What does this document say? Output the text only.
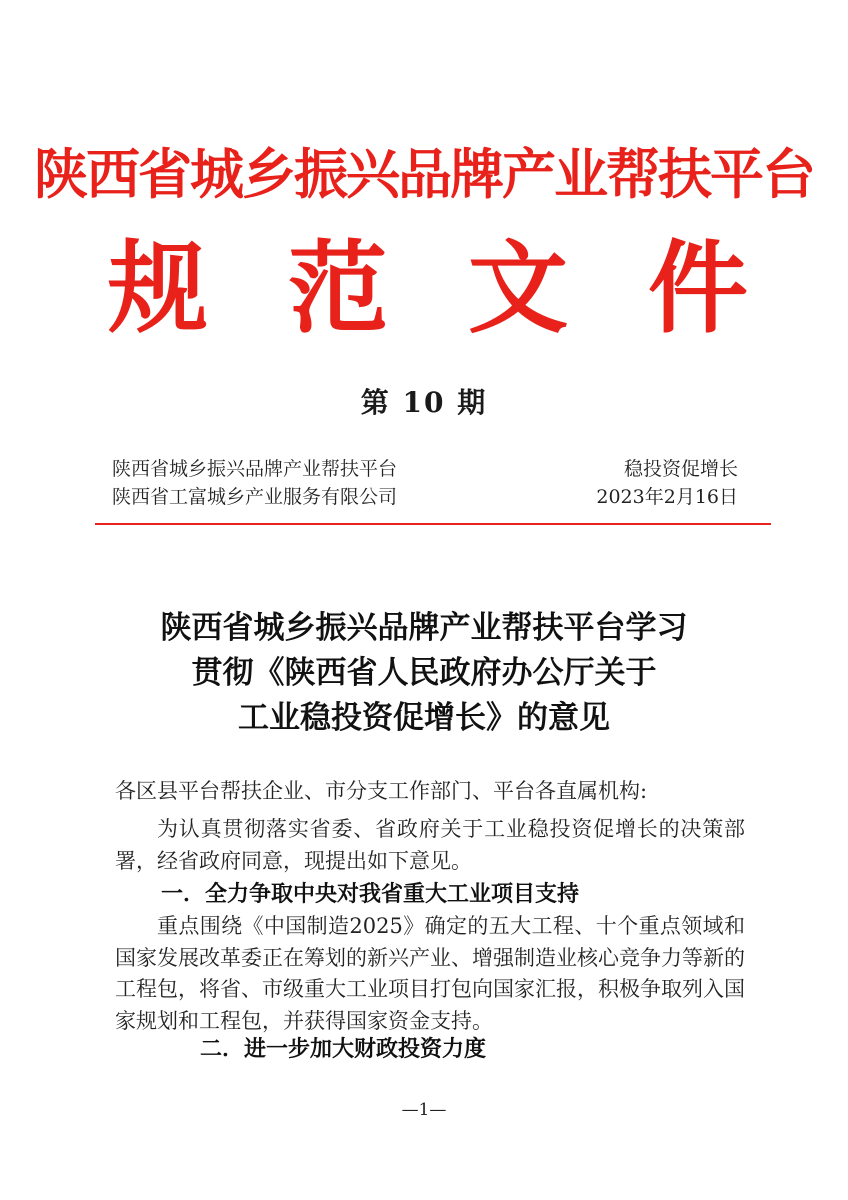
陕西省城乡振兴品牌产业帮扶平台
规 范 文 件
第 10 期
陕西省城乡振兴品牌产业帮扶平台	稳投资促增长
陕西省工富城乡产业服务有限公司	2023年2月16日
陕西省城乡振兴品牌产业帮扶平台学习
贯彻《陕西省人民政府办公厅关于
工业稳投资促增长》的意见
各区县平台帮扶企业、市分支工作部门、平台各直属机构:
为认真贯彻落实省委、省政府关于工业稳投资促增长的决策部署，经省政府同意，现提出如下意见。
一．全力争取中央对我省重大工业项目支持
重点围绕《中国制造2025》确定的五大工程、十个重点领域和国家发展改革委正在筹划的新兴产业、增强制造业核心竞争力等新的工程包，将省、市级重大工业项目打包向国家汇报，积极争取列入国家规划和工程包，并获得国家资金支持。
二．进一步加大财政投资力度
—1—
